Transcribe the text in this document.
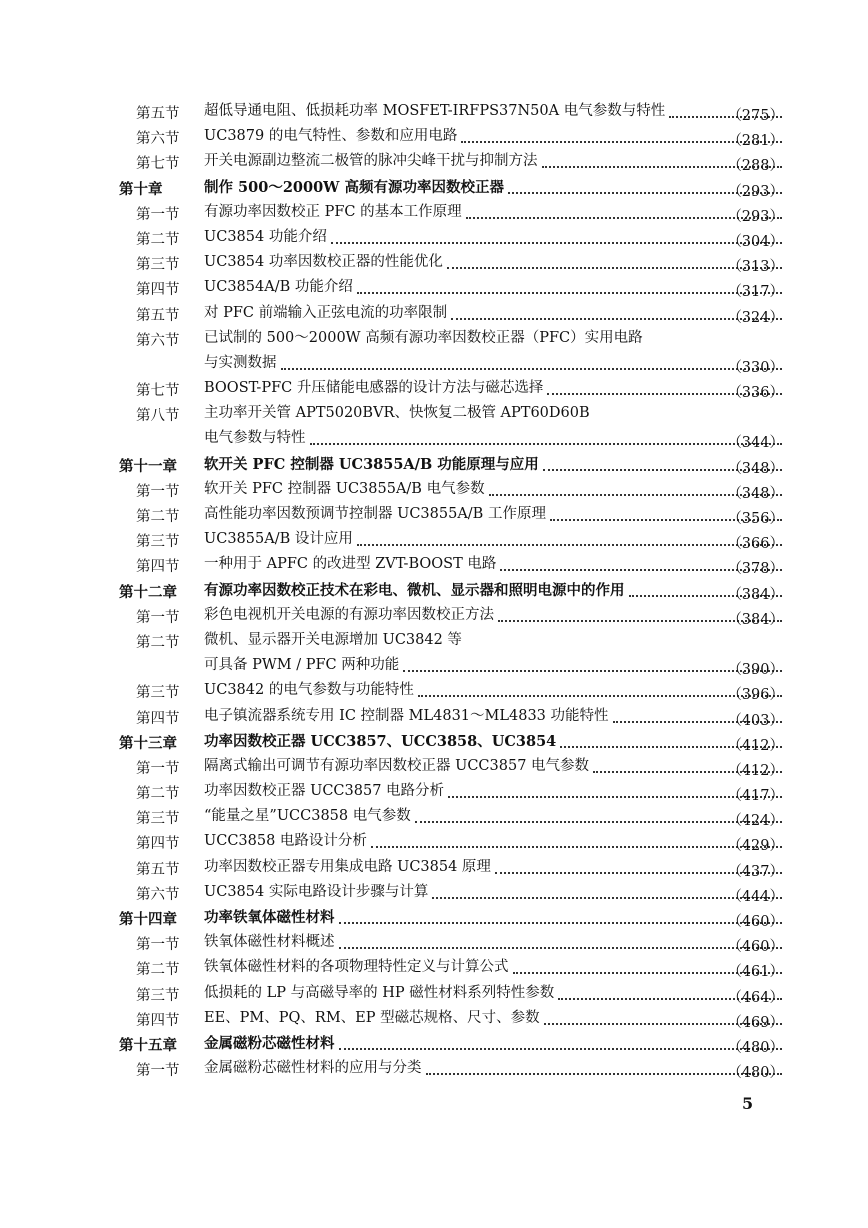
第五节 超低导通电阻、低损耗功率 MOSFET-IRFPS37N50A 电气参数与特性	（275）
第六节 UC3879 的电气特性、参数和应用电路	（281）
第七节 开关电源副边整流二极管的脉冲尖峰干扰与抑制方法	（288）
第十章	制作 500～2000W 高频有源功率因数校正器	（293）
第一节 有源功率因数校正 PFC 的基本工作原理	（293）
第二节 UC3854 功能介绍	（304）
第三节 UC3854 功率因数校正器的性能优化	（313）
第四节 UC3854A/B 功能介绍	（317）
第五节 对 PFC 前端输入正弦电流的功率限制	（324）
第六节 已试制的 500～2000W 高频有源功率因数校正器（PFC）实用电路
与实测数据	（330）
第七节 BOOST-PFC 升压储能电感器的设计方法与磁芯选择	（336）
第八节 主功率开关管 APT5020BVR、快恢复二极管 APT60D60B
电气参数与特性	（344）
第十一章 软开关 PFC 控制器 UC3855A/B 功能原理与应用	（348）
第一节 软开关 PFC 控制器 UC3855A/B 电气参数	（348）
第二节 高性能功率因数预调节控制器 UC3855A/B 工作原理	（356）
第三节 UC3855A/B 设计应用	（366）
第四节 一种用于 APFC 的改进型 ZVT-BOOST 电路	（378）
第十二章 有源功率因数校正技术在彩电、微机、显示器和照明电源中的作用	（384）
第一节 彩色电视机开关电源的有源功率因数校正方法	（384）
第二节 微机、显示器开关电源增加 UC3842 等
可具备 PWM / PFC 两种功能	（390）
第三节 UC3842 的电气参数与功能特性	（396）
第四节 电子镇流器系统专用 IC 控制器 ML4831～ML4833 功能特性	（403）
第十三章 功率因数校正器 UCC3857、UCC3858、UC3854	（412）
第一节 隔离式输出可调节有源功率因数校正器 UCC3857 电气参数	（412）
第二节 功率因数校正器 UCC3857 电路分析	（417）
第三节 “能量之星”UCC3858 电气参数	（424）
第四节 UCC3858 电路设计分析	（429）
第五节 功率因数校正器专用集成电路 UC3854 原理	（437）
第六节 UC3854 实际电路设计步骤与计算	（444）
第十四章 功率铁氧体磁性材料	（460）
第一节 铁氧体磁性材料概述	（460）
第二节 铁氧体磁性材料的各项物理特性定义与计算公式	（461）
第三节 低损耗的 LP 与高磁导率的 HP 磁性材料系列特性参数	（464）
第四节 EE、PM、PQ、RM、EP 型磁芯规格、尺寸、参数	（469）
第十五章 金属磁粉芯磁性材料	（480）
第一节 金属磁粉芯磁性材料的应用与分类	（480）
5
